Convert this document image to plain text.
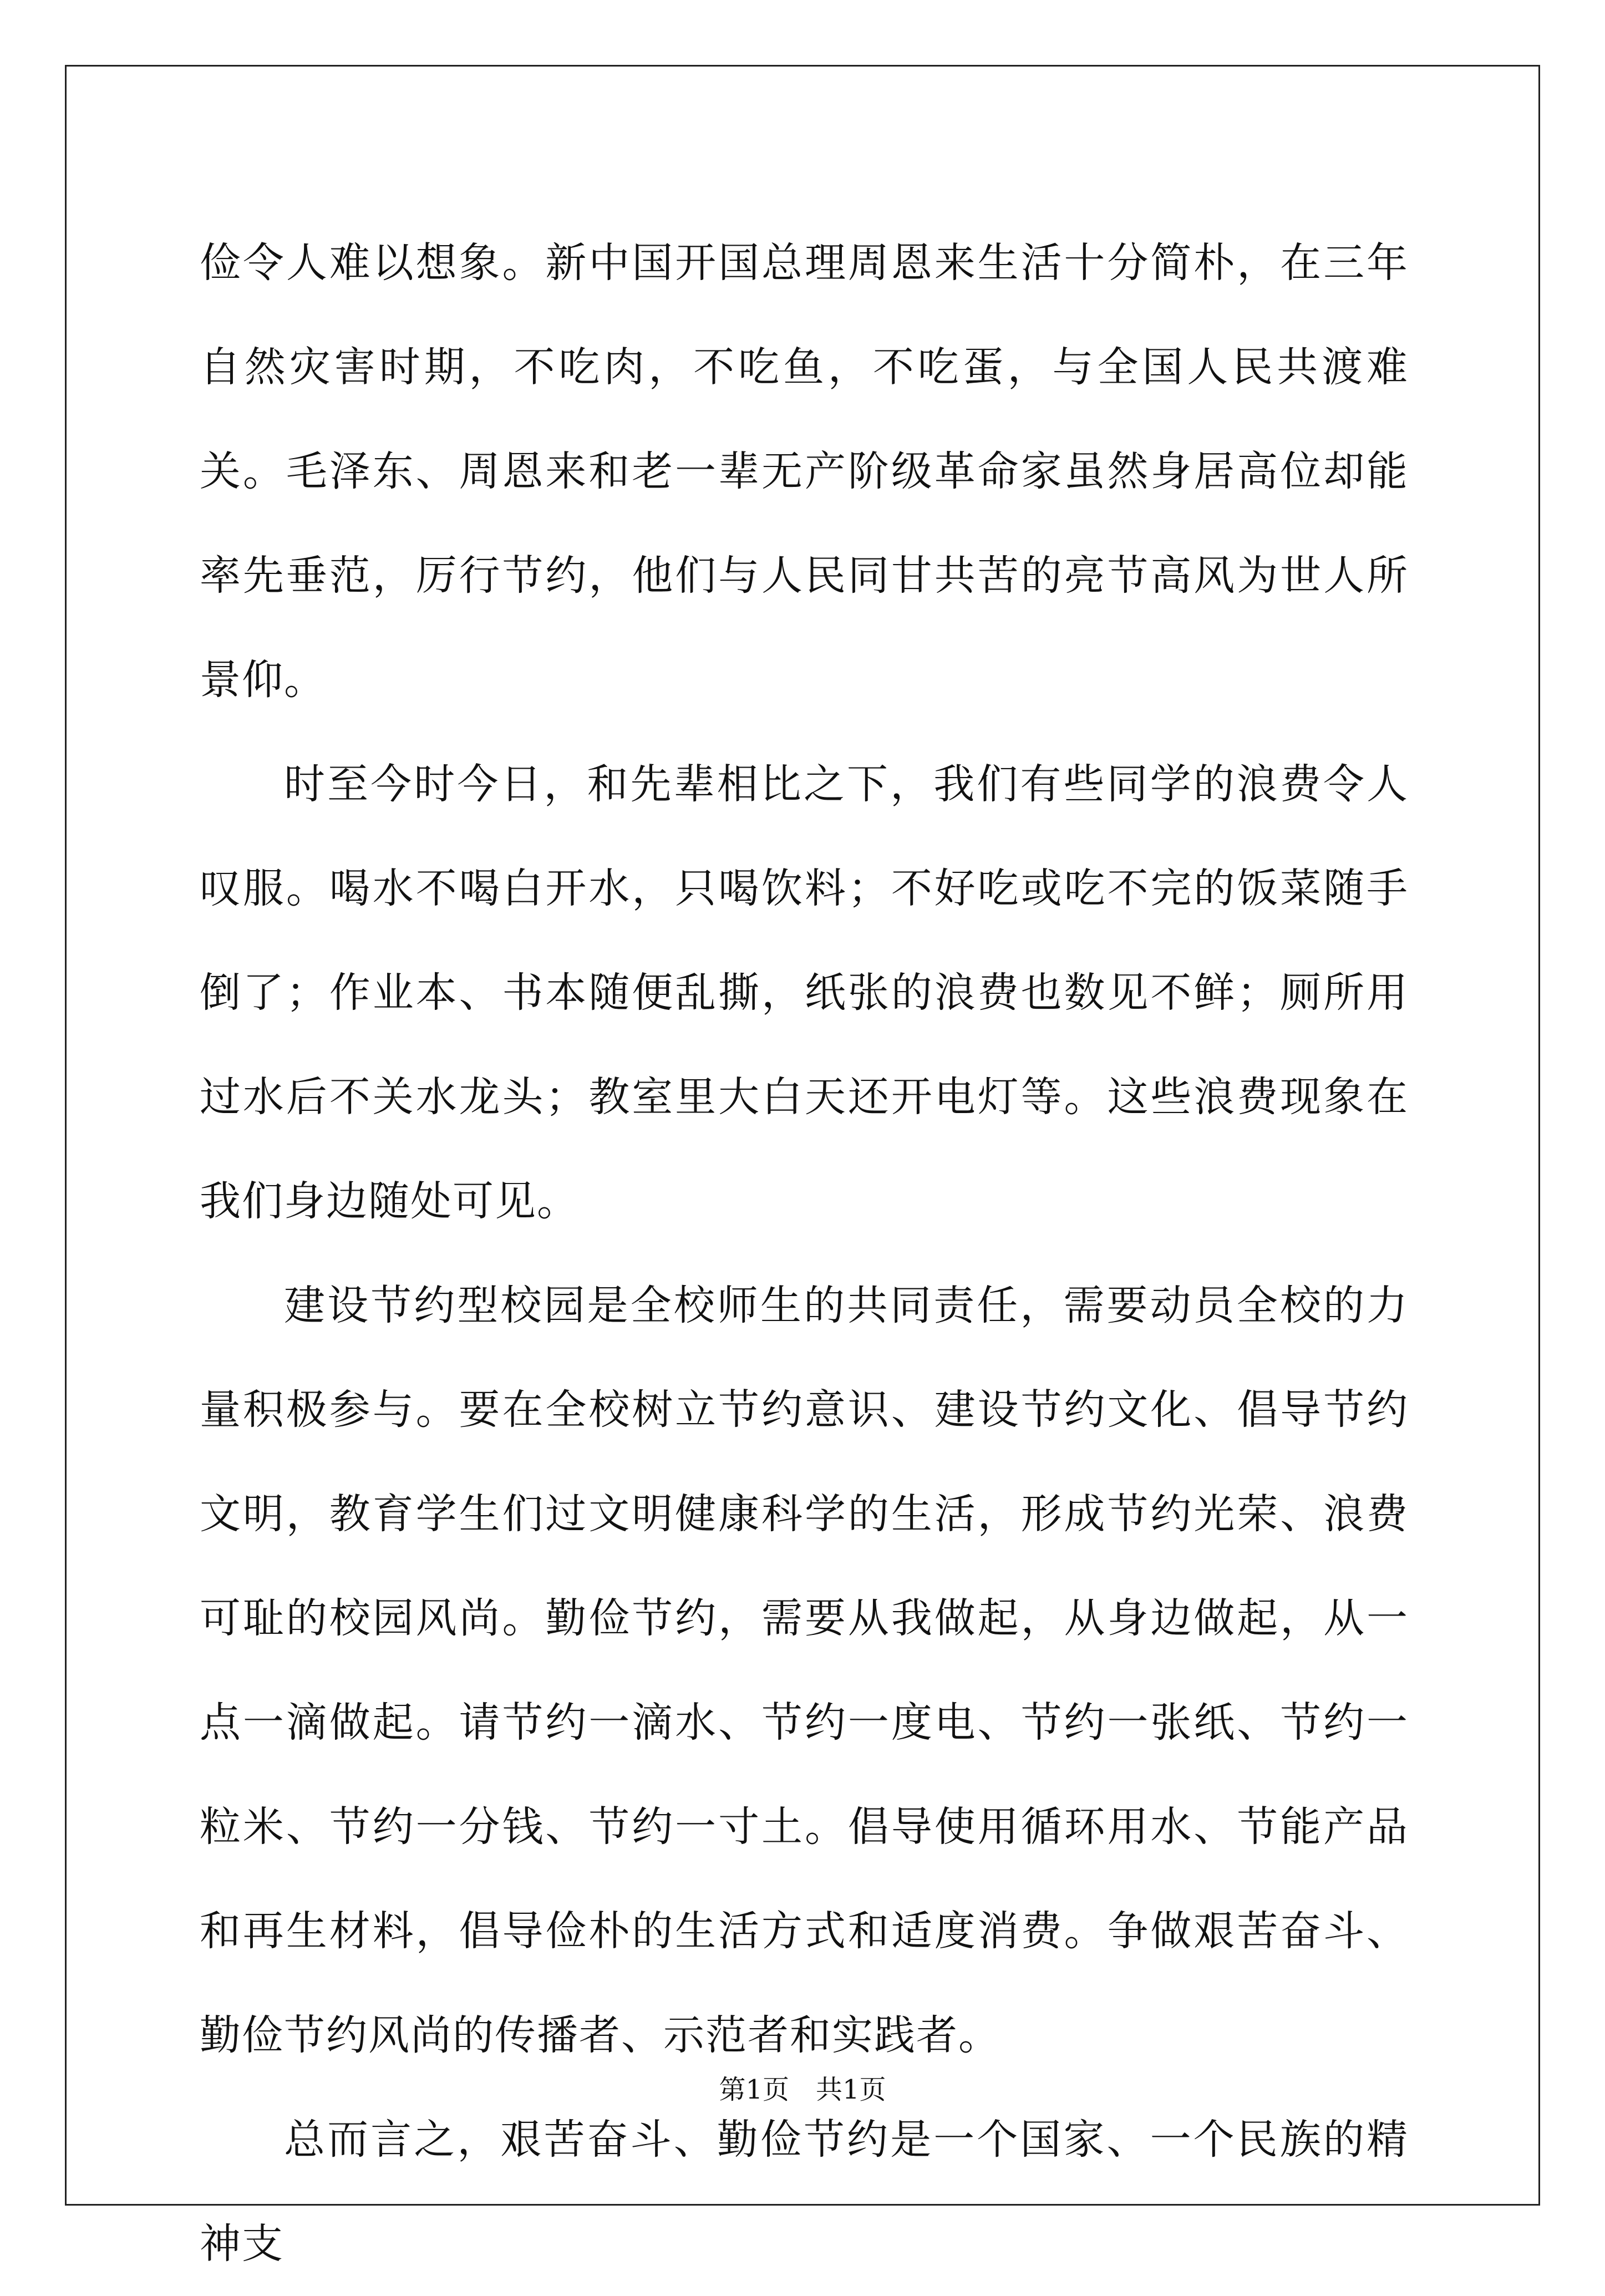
俭令人难以想象。新中国开国总理周恩来生活十分简朴，在三年自然灾害时期，不吃肉，不吃鱼，不吃蛋，与全国人民共渡难关。毛泽东、周恩来和老一辈无产阶级革命家虽然身居高位却能率先垂范，厉行节约，他们与人民同甘共苦的亮节高风为世人所景仰。

时至今时今日，和先辈相比之下，我们有些同学的浪费令人叹服。喝水不喝白开水，只喝饮料；不好吃或吃不完的饭菜随手倒了；作业本、书本随便乱撕，纸张的浪费也数见不鲜；厕所用过水后不关水龙头；教室里大白天还开电灯等。这些浪费现象在我们身边随处可见。

建设节约型校园是全校师生的共同责任，需要动员全校的力量积极参与。要在全校树立节约意识、建设节约文化、倡导节约文明，教育学生们过文明健康科学的生活，形成节约光荣、浪费可耻的校园风尚。勤俭节约，需要从我做起，从身边做起，从一点一滴做起。请节约一滴水、节约一度电、节约一张纸、节约一粒米、节约一分钱、节约一寸土。倡导使用循环用水、节能产品和再生材料，倡导俭朴的生活方式和适度消费。争做艰苦奋斗、勤俭节约风尚的传播者、示范者和实践者。

总而言之，艰苦奋斗、勤俭节约是一个国家、一个民族的精神支

第1页　共1页
